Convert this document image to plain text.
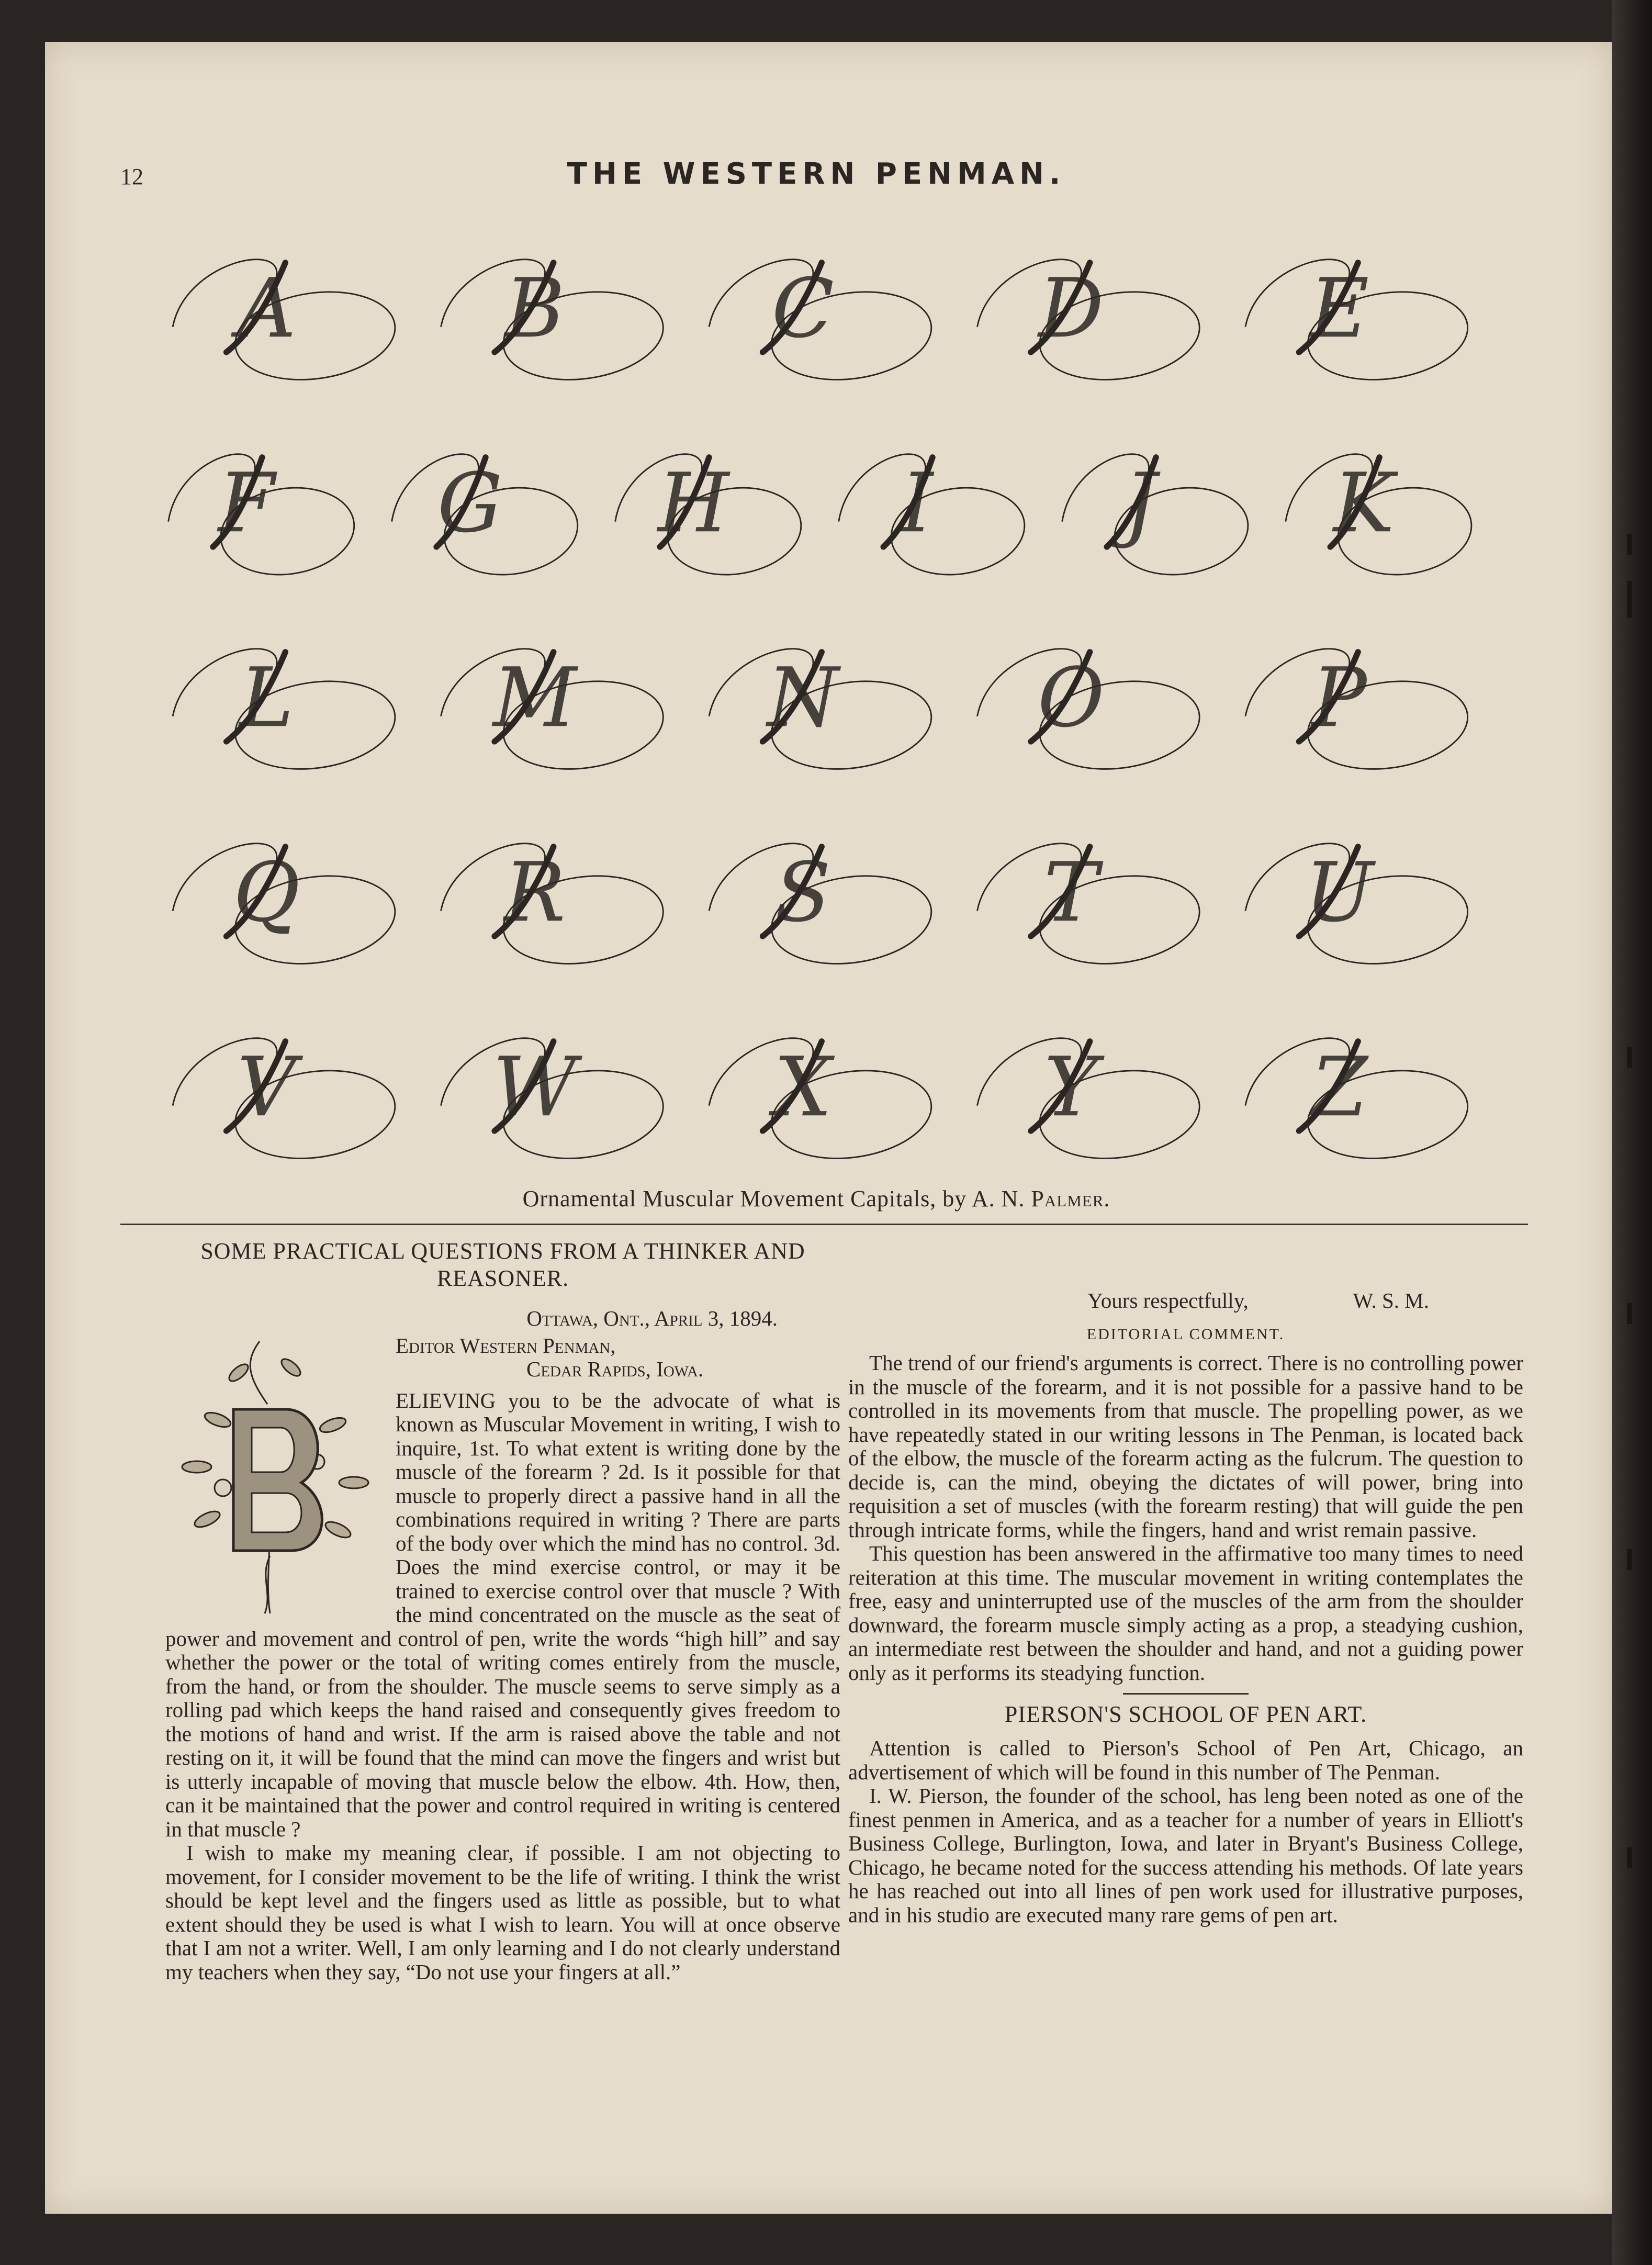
12	THE WESTERN PENMAN.
A B C D E
F G H I J K
L M N O P
Q R S T U
V W X Y Z
Ornamental Muscular Movement Capitals, by A. N. Palmer.
SOME PRACTICAL QUESTIONS FROM A THINKER AND REASONER.

Ottawa, Ont., April 3, 1894.

Editor Western Penman,
Cedar Rapids, Iowa.

ELIEVING you to be the advocate of what is known as Muscular Movement in writing, I wish to inquire, 1st. To what extent is writing done by the muscle of the forearm ? 2d. Is it possible for that muscle to properly direct a passive hand in all the combinations required in writing ? There are parts of the body over which the mind has no control. 3d. Does the mind exercise control, or may it be trained to exercise control over that muscle ? With the mind concentrated on the muscle as the seat of power and movement and control of pen, write the words “high hill” and say whether the power or the total of writing comes entirely from the muscle, from the hand, or from the shoulder. The muscle seems to serve simply as a rolling pad which keeps the hand raised and consequently gives freedom to the motions of hand and wrist. If the arm is raised above the table and not resting on it, it will be found that the mind can move the fingers and wrist but is utterly incapable of moving that muscle below the elbow. 4th. How, then, can it be maintained that the power and control required in writing is centered in that muscle ?

I wish to make my meaning clear, if possible. I am not objecting to movement, for I consider movement to be the life of writing. I think the wrist should be kept level and the fingers used as little as possible, but to what extent should they be used is what I wish to learn. You will at once observe that I am not a writer. Well, I am only learning and I do not clearly understand my teachers when they say, “Do not use your fingers at all.”

Yours respectfully,	W. S. M.

EDITORIAL COMMENT.

The trend of our friend's arguments is correct. There is no controlling power in the muscle of the forearm, and it is not possible for a passive hand to be controlled in its movements from that muscle. The propelling power, as we have repeatedly stated in our writing lessons in The Penman, is located back of the elbow, the muscle of the forearm acting as the fulcrum. The question to decide is, can the mind, obeying the dictates of will power, bring into requisition a set of muscles (with the forearm resting) that will guide the pen through intricate forms, while the fingers, hand and wrist remain passive.

This question has been answered in the affirmative too many times to need reiteration at this time. The muscular movement in writing contemplates the free, easy and uninterrupted use of the muscles of the arm from the shoulder downward, the forearm muscle simply acting as a prop, a steadying cushion, an intermediate rest between the shoulder and hand, and not a guiding power only as it performs its steadying function.

PIERSON'S SCHOOL OF PEN ART.

Attention is called to Pierson's School of Pen Art, Chicago, an advertisement of which will be found in this number of The Penman.

I. W. Pierson, the founder of the school, has leng been noted as one of the finest penmen in America, and as a teacher for a number of years in Elliott's Business College, Burlington, Iowa, and later in Bryant's Business College, Chicago, he became noted for the success attending his methods. Of late years he has reached out into all lines of pen work used for illustrative purposes, and in his studio are executed many rare gems of pen art.
